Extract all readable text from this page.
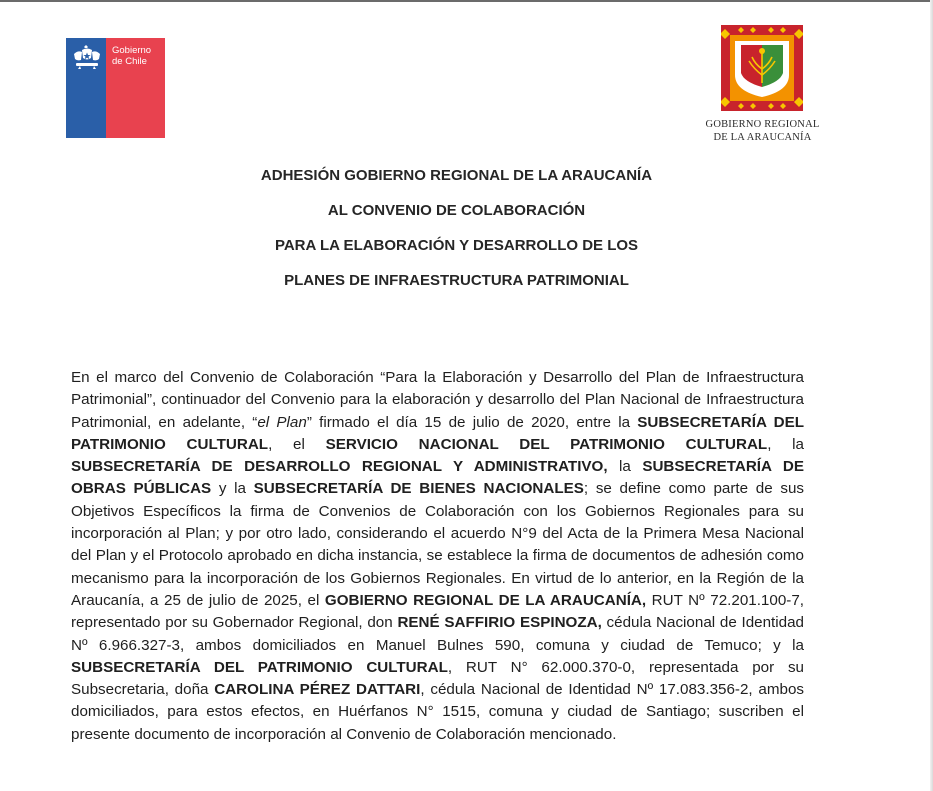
Gobierno
de Chile
GOBIERNO REGIONAL
DE LA ARAUCANÍA
ADHESIÓN GOBIERNO REGIONAL DE LA ARAUCANÍA
AL CONVENIO DE COLABORACIÓN
PARA LA ELABORACIÓN Y DESARROLLO DE LOS
PLANES DE INFRAESTRUCTURA PATRIMONIAL

En el marco del Convenio de Colaboración “Para la Elaboración y Desarrollo del Plan de Infraestructura Patrimonial”, continuador del Convenio para la elaboración y desarrollo del Plan Nacional de Infraestructura Patrimonial, en adelante, “el Plan” firmado el día 15 de julio de 2020, entre la SUBSECRETARÍA DEL PATRIMONIO CULTURAL, el SERVICIO NACIONAL DEL PATRIMONIO CULTURAL, la SUBSECRETARÍA DE DESARROLLO REGIONAL Y ADMINISTRATIVO, la SUBSECRETARÍA DE OBRAS PÚBLICAS y la SUBSECRETARÍA DE BIENES NACIONALES; se define como parte de sus Objetivos Específicos la firma de Convenios de Colaboración con los Gobiernos Regionales para su incorporación al Plan; y por otro lado, considerando el acuerdo N°9 del Acta de la Primera Mesa Nacional del Plan y el Protocolo aprobado en dicha instancia, se establece la firma de documentos de adhesión como mecanismo para la incorporación de los Gobiernos Regionales. En virtud de lo anterior, en la Región de la Araucanía, a 25 de julio de 2025, el GOBIERNO REGIONAL DE LA ARAUCANÍA, RUT Nº 72.201.100-7, representado por su Gobernador Regional, don RENÉ SAFFIRIO ESPINOZA, cédula Nacional de Identidad Nº 6.966.327-3, ambos domiciliados en Manuel Bulnes 590, comuna y ciudad de Temuco; y la SUBSECRETARÍA DEL PATRIMONIO CULTURAL, RUT N° 62.000.370-0, representada por su Subsecretaria, doña CAROLINA PÉREZ DATTARI, cédula Nacional de Identidad Nº 17.083.356-2, ambos domiciliados, para estos efectos, en Huérfanos N° 1515, comuna y ciudad de Santiago; suscriben el presente documento de incorporación al Convenio de Colaboración mencionado.
